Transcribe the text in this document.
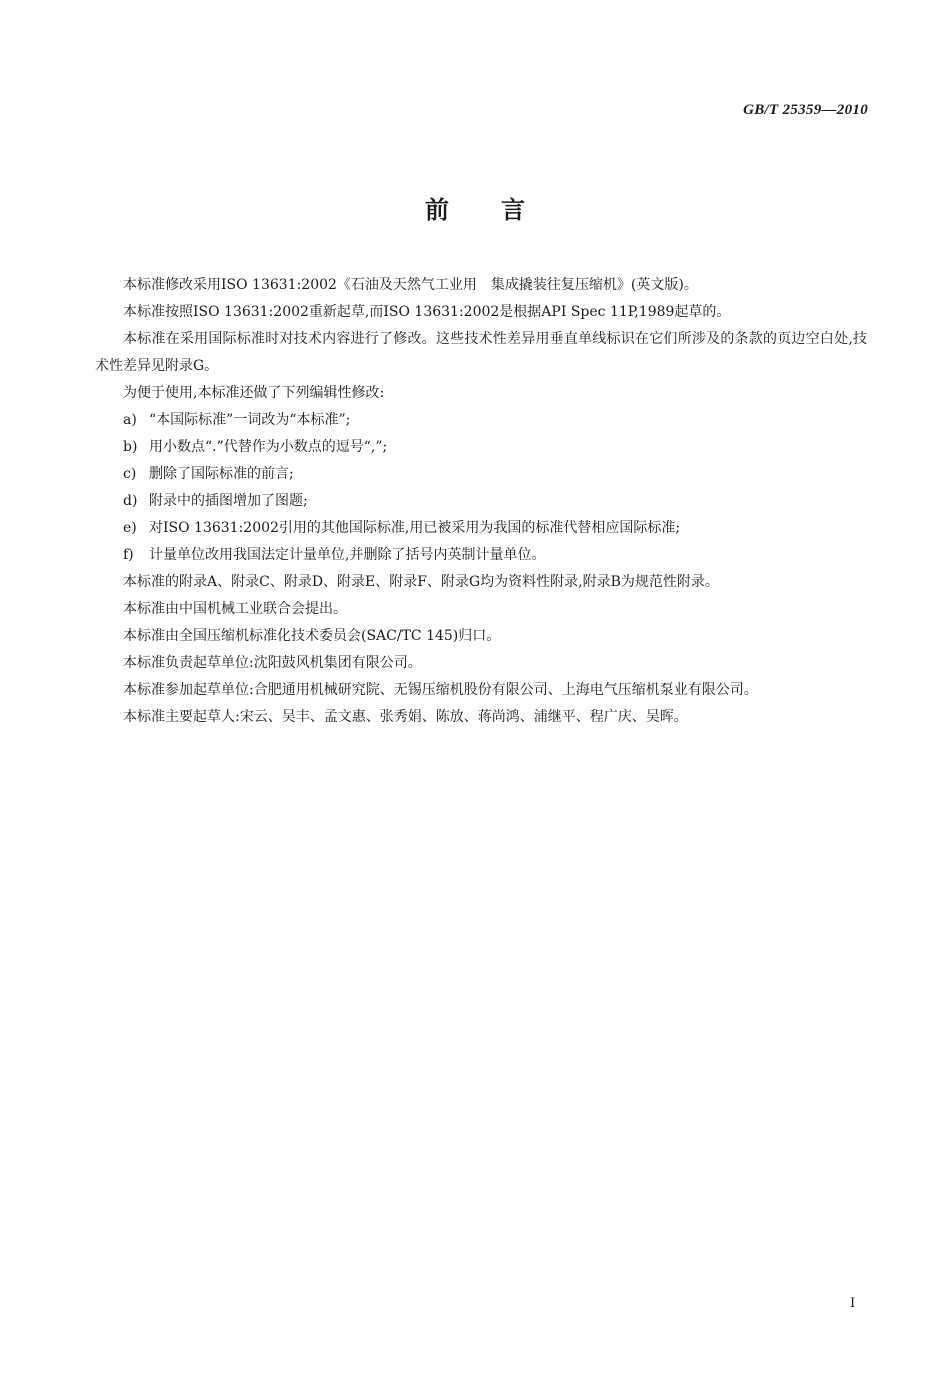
GB/T 25359—2010
前 言

本标准修改采用ISO 13631:2002《石油及天然气工业用　集成撬装往复压缩机》(英文版)。

本标准按照ISO 13631:2002重新起草,而ISO 13631:2002是根据API Spec 11P,1989起草的。

本标准在采用国际标准时对技术内容进行了修改。这些技术性差异用垂直单线标识在它们所涉及的条款的页边空白处,技术性差异见附录G。

为便于使用,本标准还做了下列编辑性修改:

a) “本国际标准”一词改为“本标准”;

b) 用小数点“.”代替作为小数点的逗号“,”;

c) 删除了国际标准的前言;

d) 附录中的插图增加了图题;

e) 对ISO 13631:2002引用的其他国际标准,用已被采用为我国的标准代替相应国际标准;

f) 计量单位改用我国法定计量单位,并删除了括号内英制计量单位。

本标准的附录A、附录C、附录D、附录E、附录F、附录G均为资料性附录,附录B为规范性附录。

本标准由中国机械工业联合会提出。

本标准由全国压缩机标准化技术委员会(SAC/TC 145)归口。

本标准负责起草单位:沈阳鼓风机集团有限公司。

本标准参加起草单位:合肥通用机械研究院、无锡压缩机股份有限公司、上海电气压缩机泵业有限公司。

本标准主要起草人:宋云、吴丰、孟文惠、张秀娟、陈放、蒋尚鸿、浦继平、程广庆、吴晖。

I
